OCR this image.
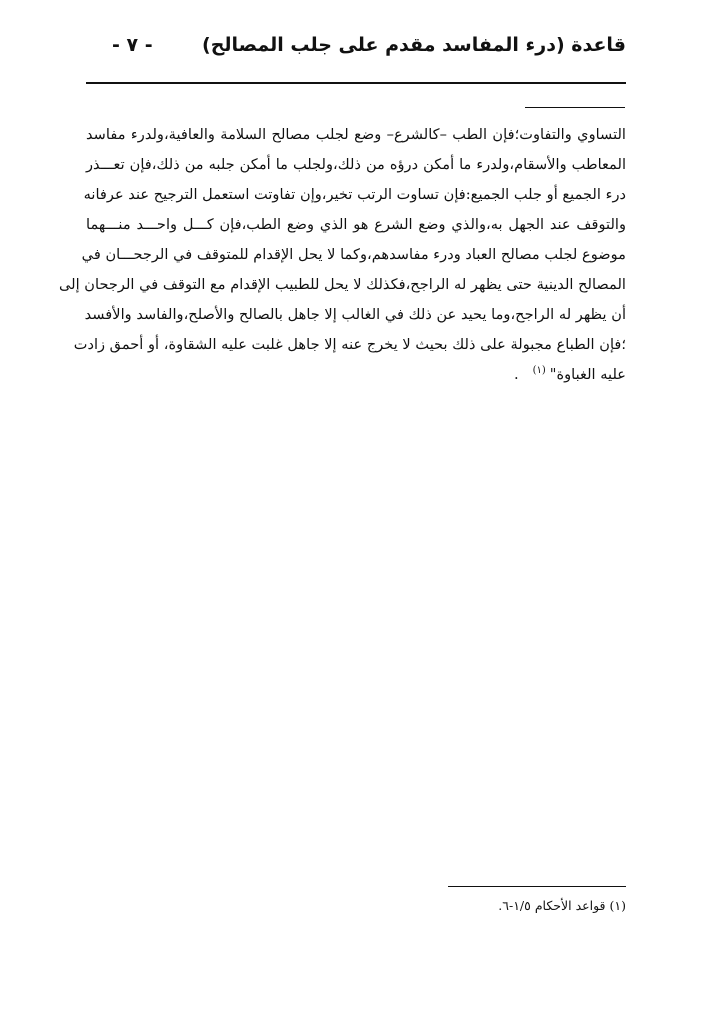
قاعدة (درء المفاسد مقدم على جلب المصالح)
- ٧ -
التساوي والتفاوت؛فإن الطب –كالشرع– وضع لجلب مصالح السلامة والعافية،ولدرء مفاسد
المعاطب والأسقام،ولدرء ما أمكن درؤه من ذلك،ولجلب ما أمكن جلبه من ذلك،فإن تعـــذر
درء الجميع أو جلب الجميع:فإن تساوت الرتب تخير،وإن تفاوتت استعمل الترجيح عند عرفانه
والتوقف عند الجهل به،والذي وضع الشرع هو الذي وضع الطب،فإن كـــل واحـــد منـــهما
موضوع لجلب مصالح العباد ودرء مفاسدهم،وكما لا يحل الإقدام للمتوقف في الرجحـــان في
المصالح الدينية حتى يظهر له الراجح،فكذلك لا يحل للطبيب الإقدام مع التوقف في الرجحان إلى
أن يظهر له الراجح،وما يحيد عن ذلك في الغالب إلا جاهل بالصالح والأصلح،والفاسد والأفسد
؛فإن الطباع مجبولة على ذلك بحيث لا يخرج عنه إلا جاهل غلبت عليه الشقاوة، أو أحمق زادت
عليه الغباوة"$^{(١)}$.
(١)قواعد الأحكام ١/٥-٦.
